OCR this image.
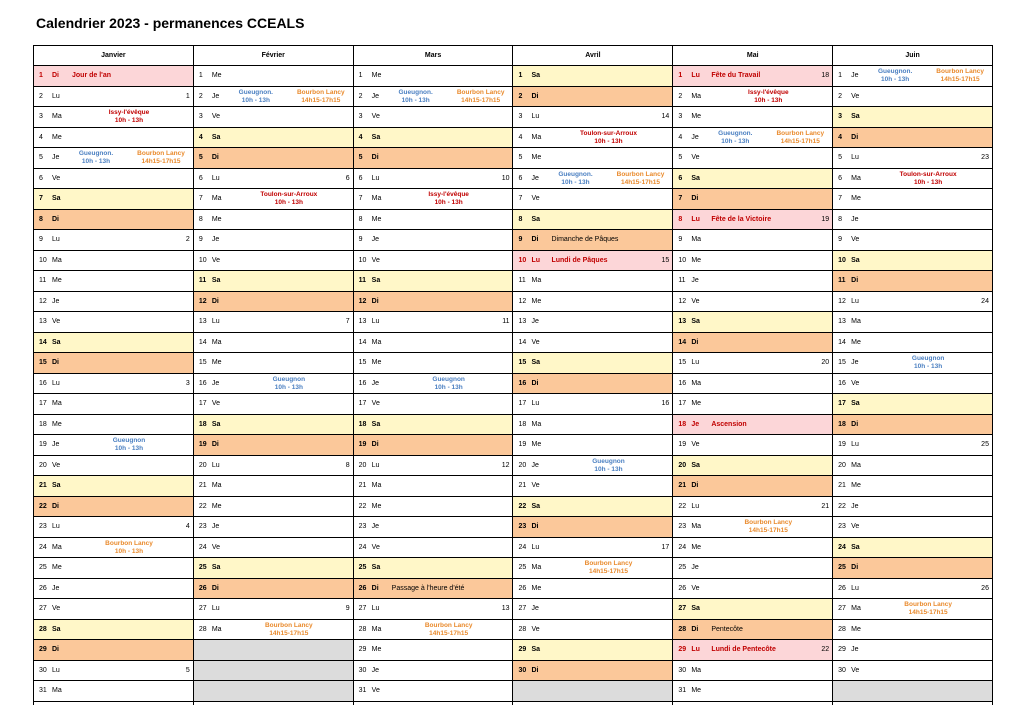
Calendrier 2023 - permanences CCEALS
Janvier
1 Di Jour de l'an
2 Lu	1
3 Ma
Issy-l'évêque
10h - 13h
4 Me
5 Je
Gueugnon.
10h - 13h
Bourbon Lancy
14h15-17h15
6 Ve
7 Sa
8 Di
9 Lu	2
10 Ma
11 Me
12 Je
13 Ve
14 Sa
15 Di
16 Lu	3
17 Ma
18 Me
19 Je
Gueugnon
10h - 13h
20 Ve
21 Sa
22 Di
23 Lu	4
24 Ma
Bourbon Lancy
10h - 13h
25 Me
26 Je
27 Ve
28 Sa
29 Di
30 Lu	5
31 Ma
Février
1 Me
2 Je
Gueugnon.
10h - 13h
Bourbon Lancy
14h15-17h15
3 Ve
4 Sa
5 Di
6 Lu	6
7 Ma
Toulon-sur-Arroux
10h - 13h
8 Me
9 Je
10 Ve
11 Sa
12 Di
13 Lu	7
14 Ma
15 Me
16 Je
Gueugnon
10h - 13h
17 Ve
18 Sa
19 Di
20 Lu	8
21 Ma
22 Me
23 Je
24 Ve
25 Sa
26 Di
27 Lu	9
28 Ma
Bourbon Lancy
14h15-17h15
Mars
1 Me
2 Je
Gueugnon.
10h - 13h
Bourbon Lancy
14h15-17h15
3 Ve
4 Sa
5 Di
6 Lu	10
7 Ma
Issy-l'évêque
10h - 13h
8 Me
9 Je
10 Ve
11 Sa
12 Di
13 Lu	11
14 Ma
15 Me
16 Je
Gueugnon
10h - 13h
17 Ve
18 Sa
19 Di
20 Lu	12
21 Ma
22 Me
23 Je
24 Ve
25 Sa
26 Di Passage à l'heure d'été
27 Lu	13
28 Ma
Bourbon Lancy
14h15-17h15
29 Me
30 Je
31 Ve
Avril
1 Sa
2 Di
3 Lu	14
4 Ma
Toulon-sur-Arroux
10h - 13h
5 Me
6 Je
Gueugnon.
10h - 13h
Bourbon Lancy
14h15-17h15
7 Ve
8 Sa
9 Di Dimanche de Pâques
10 Lu Lundi de Pâques	15
11 Ma
12 Me
13 Je
14 Ve
15 Sa
16 Di
17 Lu	16
18 Ma
19 Me
20 Je
Gueugnon
10h - 13h
21 Ve
22 Sa
23 Di
24 Lu	17
25 Ma
Bourbon Lancy
14h15-17h15
26 Me
27 Je
28 Ve
29 Sa
30 Di
Mai
1 Lu Fête du Travail	18
2 Ma
Issy-l'évêque
10h - 13h
3 Me
4 Je
Gueugnon.
10h - 13h
Bourbon Lancy
14h15-17h15
5 Ve
6 Sa
7 Di
8 Lu Fête de la Victoire	19
9 Ma
10 Me
11 Je
12 Ve
13 Sa
14 Di
15 Lu	20
16 Ma
17 Me
18 Je Ascension
19 Ve
20 Sa
21 Di
22 Lu	21
23 Ma
Bourbon Lancy
14h15-17h15
24 Me
25 Je
26 Ve
27 Sa
28 Di Pentecôte
29 Lu Lundi de Pentecôte	22
30 Ma
31 Me
Juin
1 Je
Gueugnon.
10h - 13h
Bourbon Lancy
14h15-17h15
2 Ve
3 Sa
4 Di
5 Lu	23
6 Ma
Toulon-sur-Arroux
10h - 13h
7 Me
8 Je
9 Ve
10 Sa
11 Di
12 Lu	24
13 Ma
14 Me
15 Je
Gueugnon
10h - 13h
16 Ve
17 Sa
18 Di
19 Lu	25
20 Ma
21 Me
22 Je
23 Ve
24 Sa
25 Di
26 Lu	26
27 Ma
Bourbon Lancy
14h15-17h15
28 Me
29 Je
30 Ve
